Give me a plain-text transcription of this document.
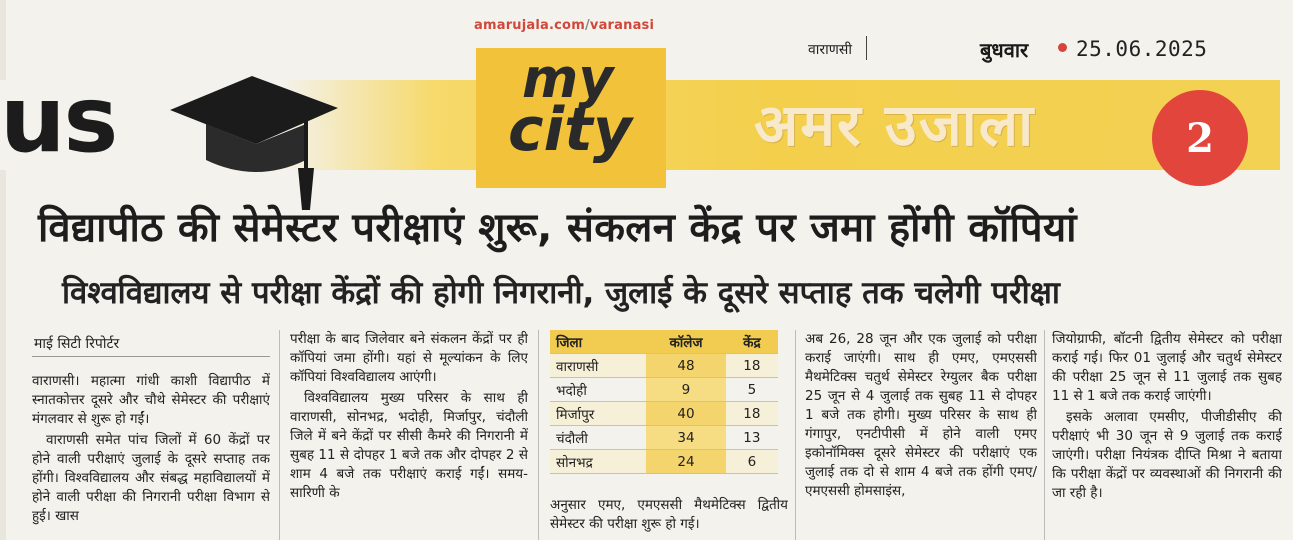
amarujala.com/varanasi
वाराणसी	बुधवार 25.06.2025
us	my
city अमर उजाला	2
विद्यापीठ की सेमेस्टर परीक्षाएं शुरू, संकलन केंद्र पर जमा होंगी कॉपियां
विश्वविद्यालय से परीक्षा केंद्रों की होगी निगरानी, जुलाई के दूसरे सप्ताह तक चलेगी परीक्षा
माई सिटी रिपोर्टर

वाराणसी। महात्मा गांधी काशी विद्यापीठ में स्नातकोत्तर दूसरे और चौथे सेमेस्टर की परीक्षाएं मंगलवार से शुरू हो गईं।

वाराणसी समेत पांच जिलों में 60 केंद्रों पर होने वाली परीक्षाएं जुलाई के दूसरे सप्ताह तक होंगी। विश्वविद्यालय और संबद्ध महाविद्यालयों में होने वाली परीक्षा की निगरानी परीक्षा विभाग से हुई। खास

परीक्षा के बाद जिलेवार बने संकलन केंद्रों पर ही कॉपियां जमा होंगी। यहां से मूल्यांकन के लिए कॉपियां विश्वविद्यालय आएंगी।

विश्वविद्यालय मुख्य परिसर के साथ ही वाराणसी, सोनभद्र, भदोही, मिर्जापुर, चंदौली जिले में बने केंद्रों पर सीसी कैमरे की निगरानी में सुबह 11 से दोपहर 1 बजे तक और दोपहर 2 से शाम 4 बजे तक परीक्षाएं कराई गईं। समय-सारिणी के

जिला	कॉलेज	केंद्र
वाराणसी	48	18
भदोही	9	5
मिर्जापुर	40	18
चंदौली	34	13
सोनभद्र	24	6

अनुसार एमए, एमएससी मैथमेटिक्स द्वितीय सेमेस्टर की परीक्षा शुरू हो गई।

अब 26, 28 जून और एक जुलाई को परीक्षा कराई जाएंगी। साथ ही एमए, एमएससी मैथमेटिक्स चतुर्थ सेमेस्टर रेग्युलर बैक परीक्षा 25 जून से 4 जुलाई तक सुबह 11 से दोपहर 1 बजे तक होगी। मुख्य परिसर के साथ ही गंगापुर, एनटीपीसी में होने वाली एमए इकोनॉमिक्स दूसरे सेमेस्टर की परीक्षाएं एक जुलाई तक दो से शाम 4 बजे तक होंगी एमए/एमएससी होमसाइंस,

जियोग्राफी, बॉटनी द्वितीय सेमेस्टर को परीक्षा कराई गई। फिर 01 जुलाई और चतुर्थ सेमेस्टर की परीक्षा 25 जून से 11 जुलाई तक सुबह 11 से 1 बजे तक कराई जाएंगी।

इसके अलावा एमसीए, पीजीडीसीए की परीक्षाएं भी 30 जून से 9 जुलाई तक कराई जाएंगी। परीक्षा नियंत्रक दीप्ति मिश्रा ने बताया कि परीक्षा केंद्रों पर व्यवस्थाओं की निगरानी की जा रही है।
